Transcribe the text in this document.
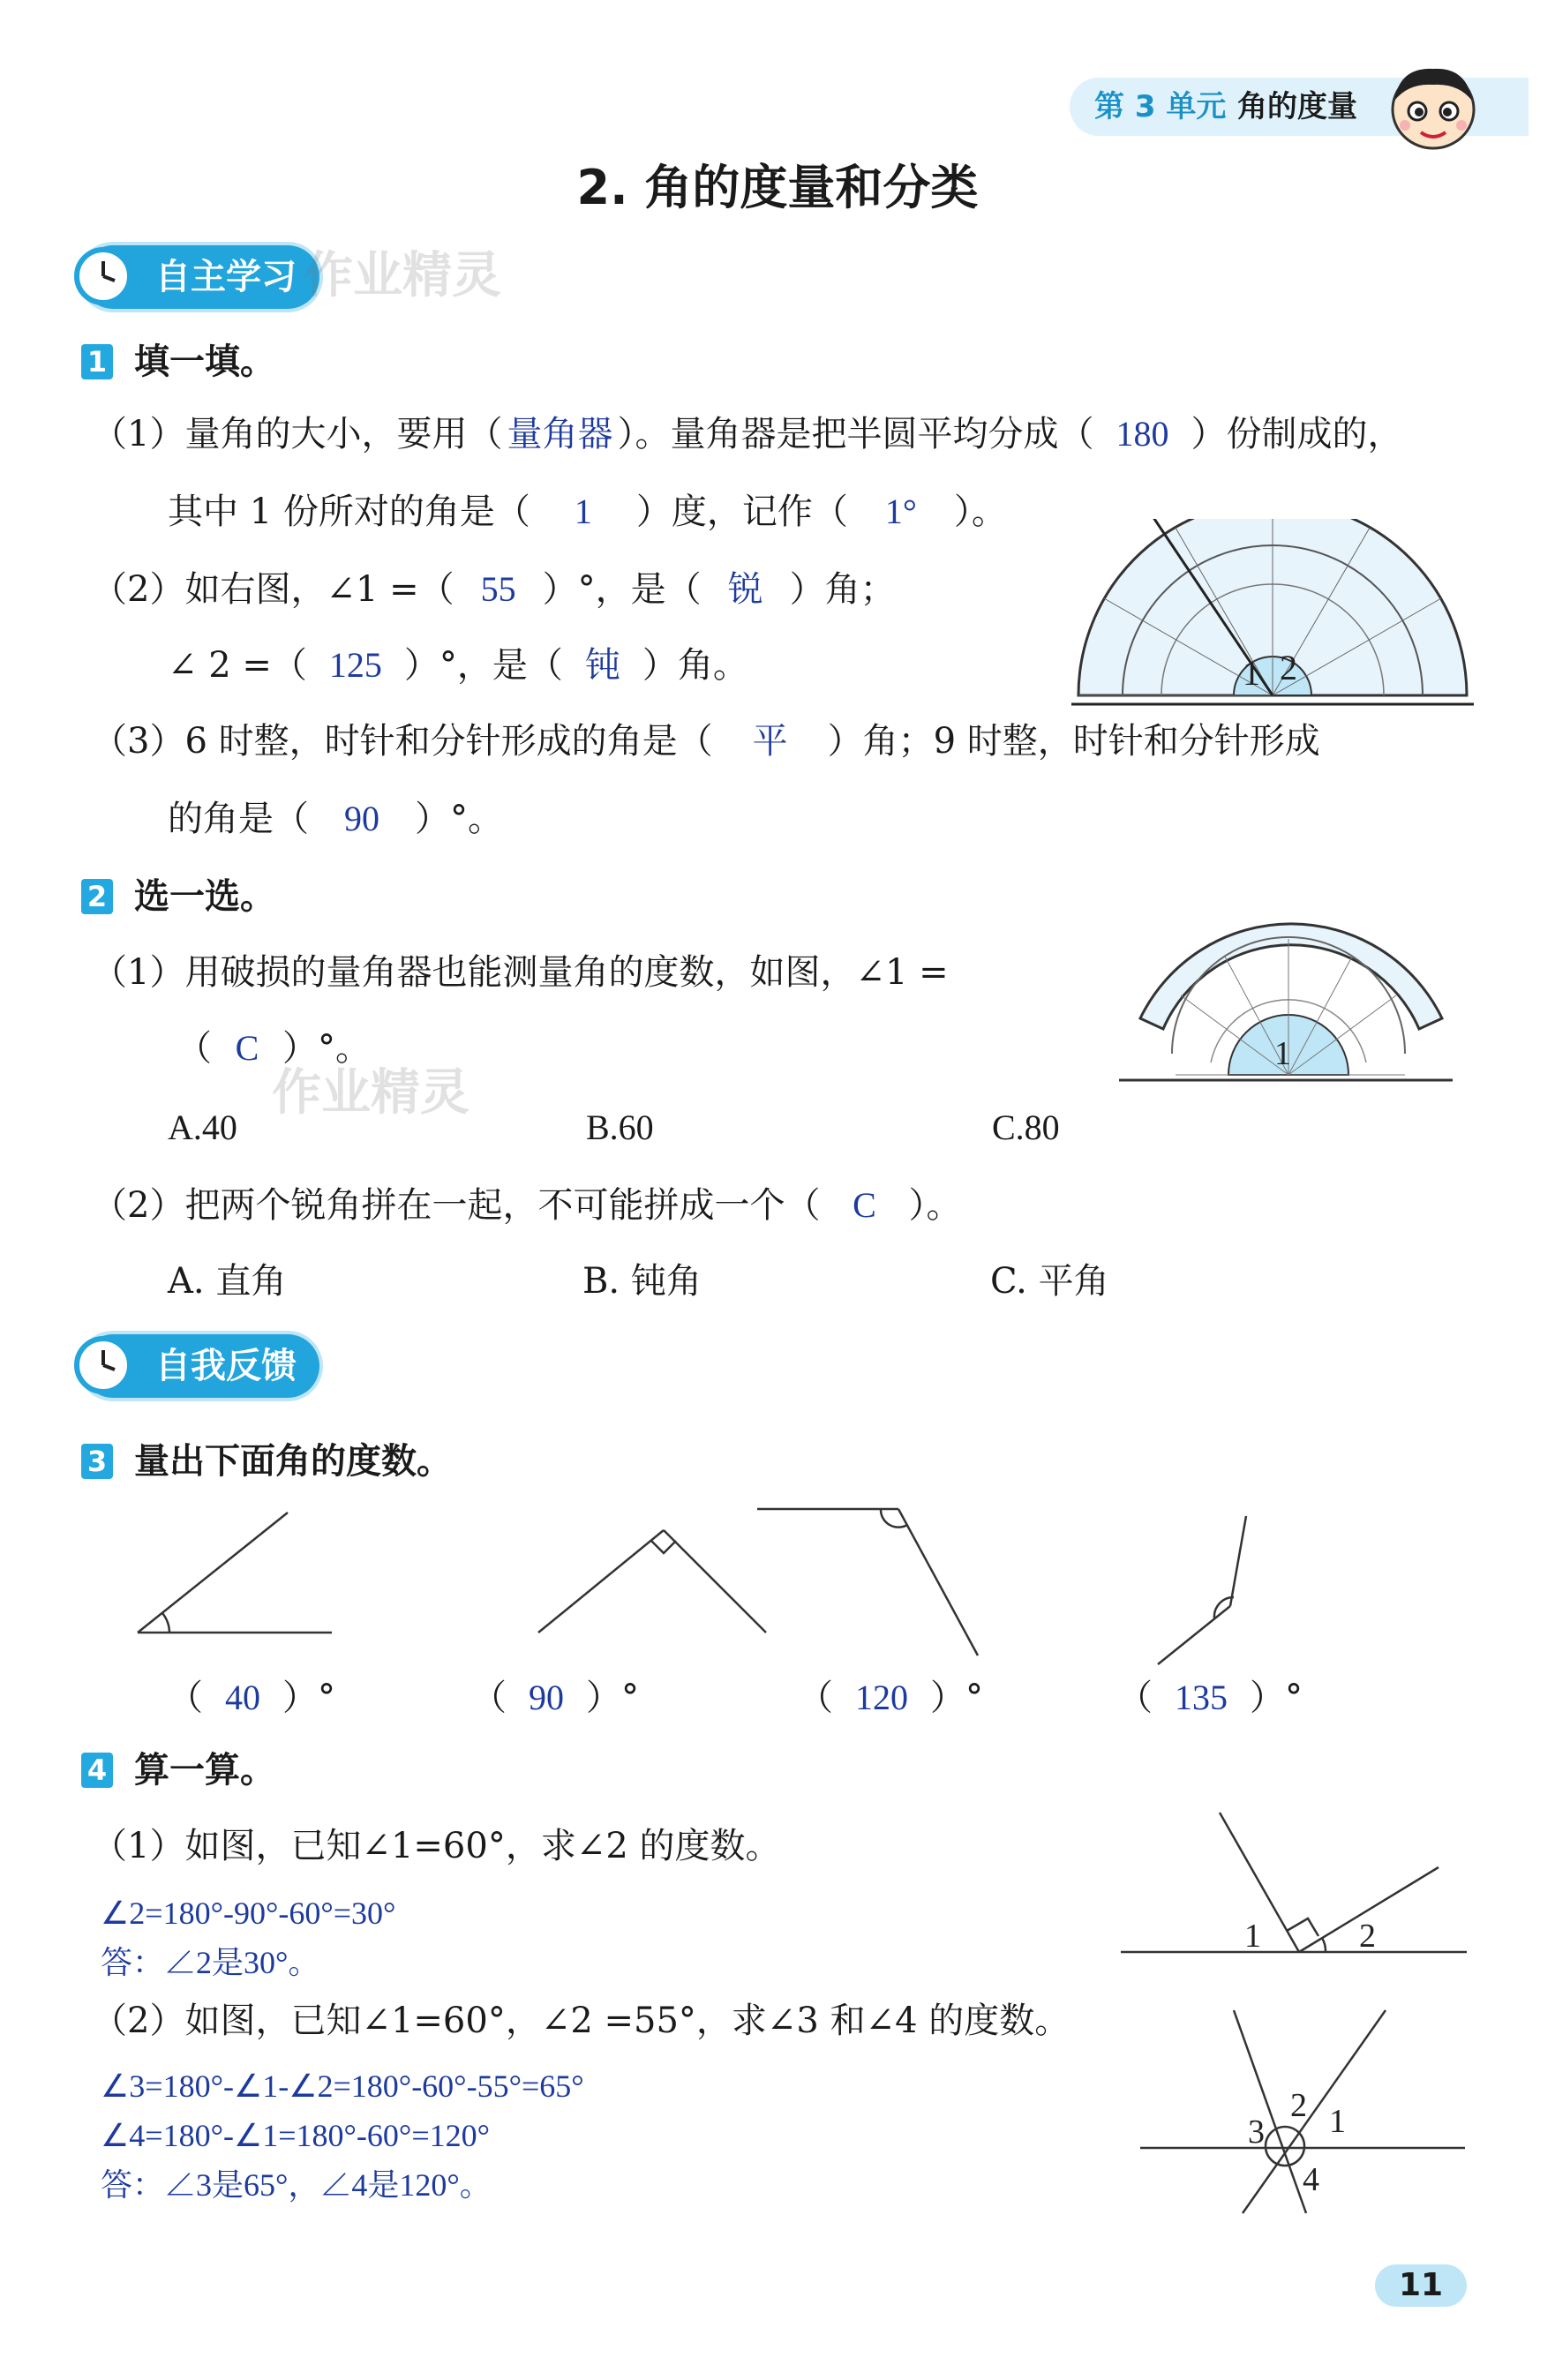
第 3 单元 角的度量
2. 角的度量和分类
自主学习 作业精灵
1 填一填。
（1）量角的大小，要用（ 量角器 ）。量角器是把半圆平均分成（ 180 ）份制成的，
其中 1 份所对的角是（ 1 ）度，记作（ 1° ）。
（2）如右图，∠1 =（ 55 ）°，是（ 锐 ）角；
∠ 2 =（ 125 ）°，是（ 钝 ）角。
（3）6 时整，时针和分针形成的角是（ 平 ）角；9 时整，时针和分针形成
的角是（ 90 ）°。
1 2
2 选一选。
（1）用破损的量角器也能测量角的度数，如图，∠1 =
（ C ）°。
作业精灵
A.40	B.60	C.80
（2）把两个锐角拼在一起，不可能拼成一个（ C ）。
A. 直角	B. 钝角	C. 平角
1
自我反馈
3 量出下面角的度数。
（ 40 ）°	（ 90 ）°	（ 120 ）°	（ 135 ）°
4 算一算。
（1）如图，已知∠1=60°，求∠2 的度数。
∠2=180°-90°-60°=30°
答：∠2是30°。
1	2
（2）如图，已知∠1=60°，∠2 =55°，求∠3 和∠4 的度数。
∠3=180°-∠1-∠2=180°-60°-55°=65°
∠4=180°-∠1=180°-60°=120°
答：∠3是65°，∠4是120°。
3
2 1
4
11
